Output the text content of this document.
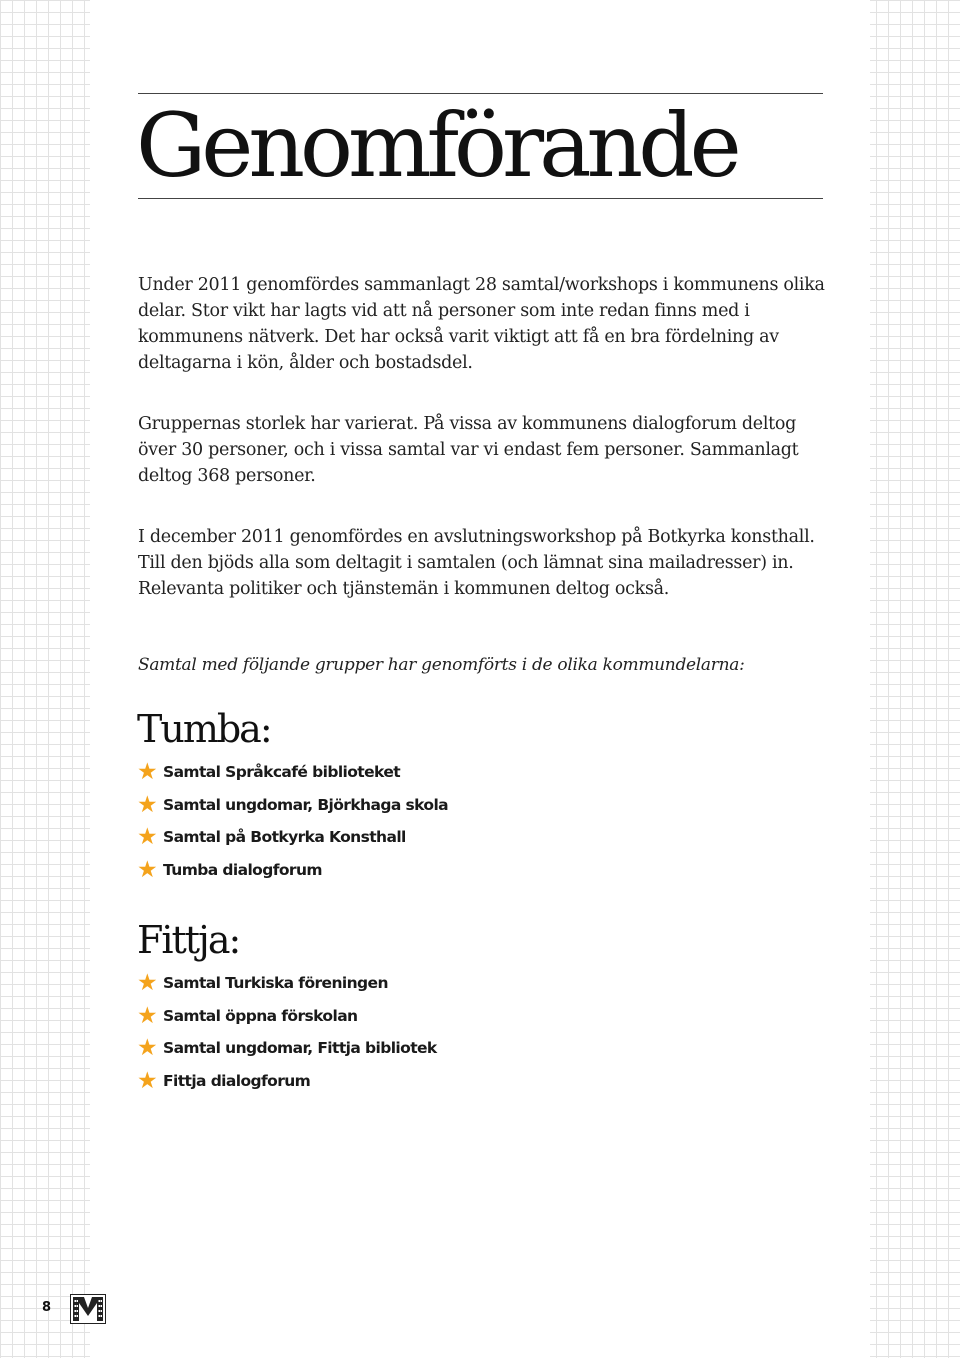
Genomförande

Under 2011 genomfördes sammanlagt 28 samtal/workshops i kommunens olika delar. Stor vikt har lagts vid att nå personer som inte redan finns med i kommunens nätverk. Det har också varit viktigt att få en bra fördelning av deltagarna i kön, ålder och bostadsdel.

Gruppernas storlek har varierat. På vissa av kommunens dialogforum deltog över 30 personer, och i vissa samtal var vi endast fem personer. Sammanlagt deltog 368 personer.

I december 2011 genomfördes en avslutningsworkshop på Botkyrka konsthall. Till den bjöds alla som deltagit i samtalen (och lämnat sina mailadresser) in. Relevanta politiker och tjänstemän i kommunen deltog också.

Samtal med följande grupper har genomförts i de olika kommundelarna:

Tumba:
★ Samtal Språkcafé biblioteket
★ Samtal ungdomar, Björkhaga skola
★ Samtal på Botkyrka Konsthall
★ Tumba dialogforum
Fittja:
★ Samtal Turkiska föreningen
★ Samtal öppna förskolan
★ Samtal ungdomar, Fittja bibliotek
★ Fittja dialogforum
8
